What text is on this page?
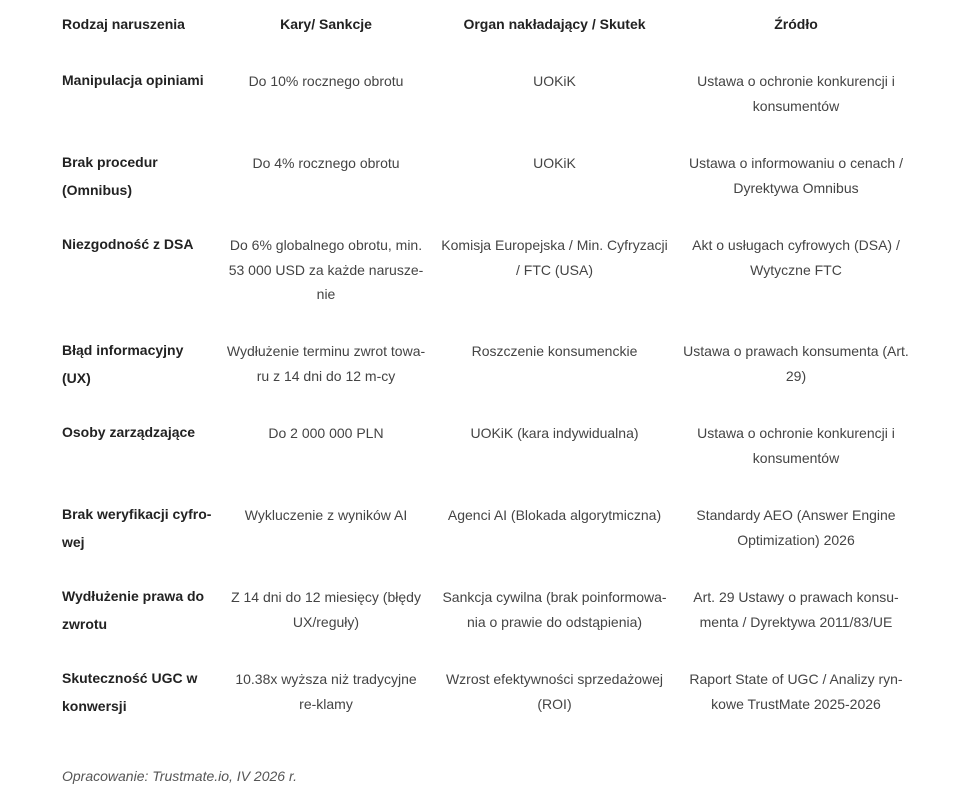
Rodzaj naruszenia	Kary/ Sankcje	Organ nakładający / Skutek	Źródło
Manipulacja opiniami	Do 10% rocznego obrotu	UOKiK	Ustawa o ochronie konkurencji i konsumentów
Brak procedur (Omnibus)	Do 4% rocznego obrotu	UOKiK	Ustawa o informowaniu o cenach / Dyrektywa Omnibus
Niezgodność z DSA	Do 6% globalnego obrotu, min. 53 000 USD za każde narusze-nie	Komisja Europejska / Min. Cyfryzacji / FTC (USA)	Akt o usługach cyfrowych (DSA) / Wytyczne FTC
Błąd informacyjny (UX)	Wydłużenie terminu zwrot towa-ru z 14 dni do 12 m-cy	Roszczenie konsumenckie	Ustawa o prawach konsumenta (Art. 29)
Osoby zarządzające	Do 2 000 000 PLN	UOKiK (kara indywidualna)	Ustawa o ochronie konkurencji i konsumentów
Brak weryfikacji cyfro-wej	Wykluczenie z wyników AI	Agenci AI (Blokada algorytmiczna)	Standardy AEO (Answer Engine Optimization) 2026
Wydłużenie prawa do zwrotu	Z 14 dni do 12 miesięcy (błędy UX/reguły)	Sankcja cywilna (brak poinformowa-nia o prawie do odstąpienia)	Art. 29 Ustawy o prawach konsu-menta / Dyrektywa 2011/83/UE
Skuteczność UGC w konwersji	10.38x wyższa niż tradycyjne re-klamy	Wzrost efektywności sprzedażowej (ROI)	Raport State of UGC / Analizy ryn-kowe TrustMate 2025-2026
Opracowanie: Trustmate.io, IV 2026 r.
